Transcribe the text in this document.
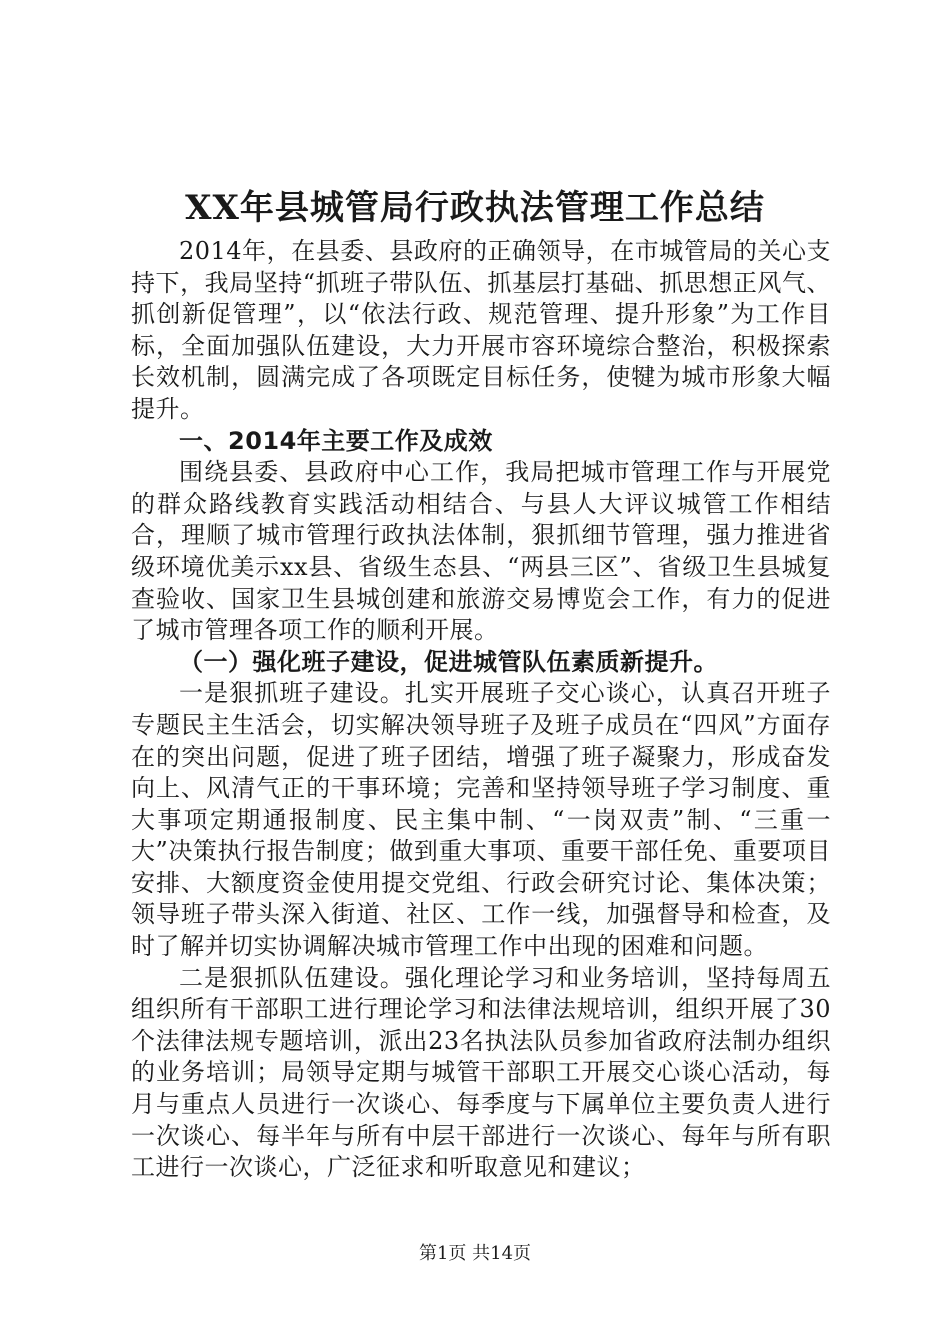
XX年县城管局行政执法管理工作总结

2014年，在县委、县政府的正确领导，在市城管局的关心支持下，我局坚持“抓班子带队伍、抓基层打基础、抓思想正风气、抓创新促管理”，以“依法行政、规范管理、提升形象”为工作目标，全面加强队伍建设，大力开展市容环境综合整治，积极探索长效机制，圆满完成了各项既定目标任务，使犍为城市形象大幅提升。

一、2014年主要工作及成效

围绕县委、县政府中心工作，我局把城市管理工作与开展党的群众路线教育实践活动相结合、与县人大评议城管工作相结合，理顺了城市管理行政执法体制，狠抓细节管理，强力推进省级环境优美示xx县、省级生态县、“两县三区”、省级卫生县城复查验收、国家卫生县城创建和旅游交易博览会工作，有力的促进了城市管理各项工作的顺利开展。

（一）强化班子建设，促进城管队伍素质新提升。

一是狠抓班子建设。扎实开展班子交心谈心，认真召开班子专题民主生活会，切实解决领导班子及班子成员在“四风”方面存在的突出问题，促进了班子团结，增强了班子凝聚力，形成奋发向上、风清气正的干事环境；完善和坚持领导班子学习制度、重大事项定期通报制度、民主集中制、“一岗双责”制、“三重一大”决策执行报告制度；做到重大事项、重要干部任免、重要项目安排、大额度资金使用提交党组、行政会研究讨论、集体决策；领导班子带头深入街道、社区、工作一线，加强督导和检查，及时了解并切实协调解决城市管理工作中出现的困难和问题。

二是狠抓队伍建设。强化理论学习和业务培训，坚持每周五组织所有干部职工进行理论学习和法律法规培训，组织开展了30个法律法规专题培训，派出23名执法队员参加省政府法制办组织的业务培训；局领导定期与城管干部职工开展交心谈心活动，每月与重点人员进行一次谈心、每季度与下属单位主要负责人进行一次谈心、每半年与所有中层干部进行一次谈心、每年与所有职工进行一次谈心，广泛征求和听取意见和建议；

第1页 共14页
